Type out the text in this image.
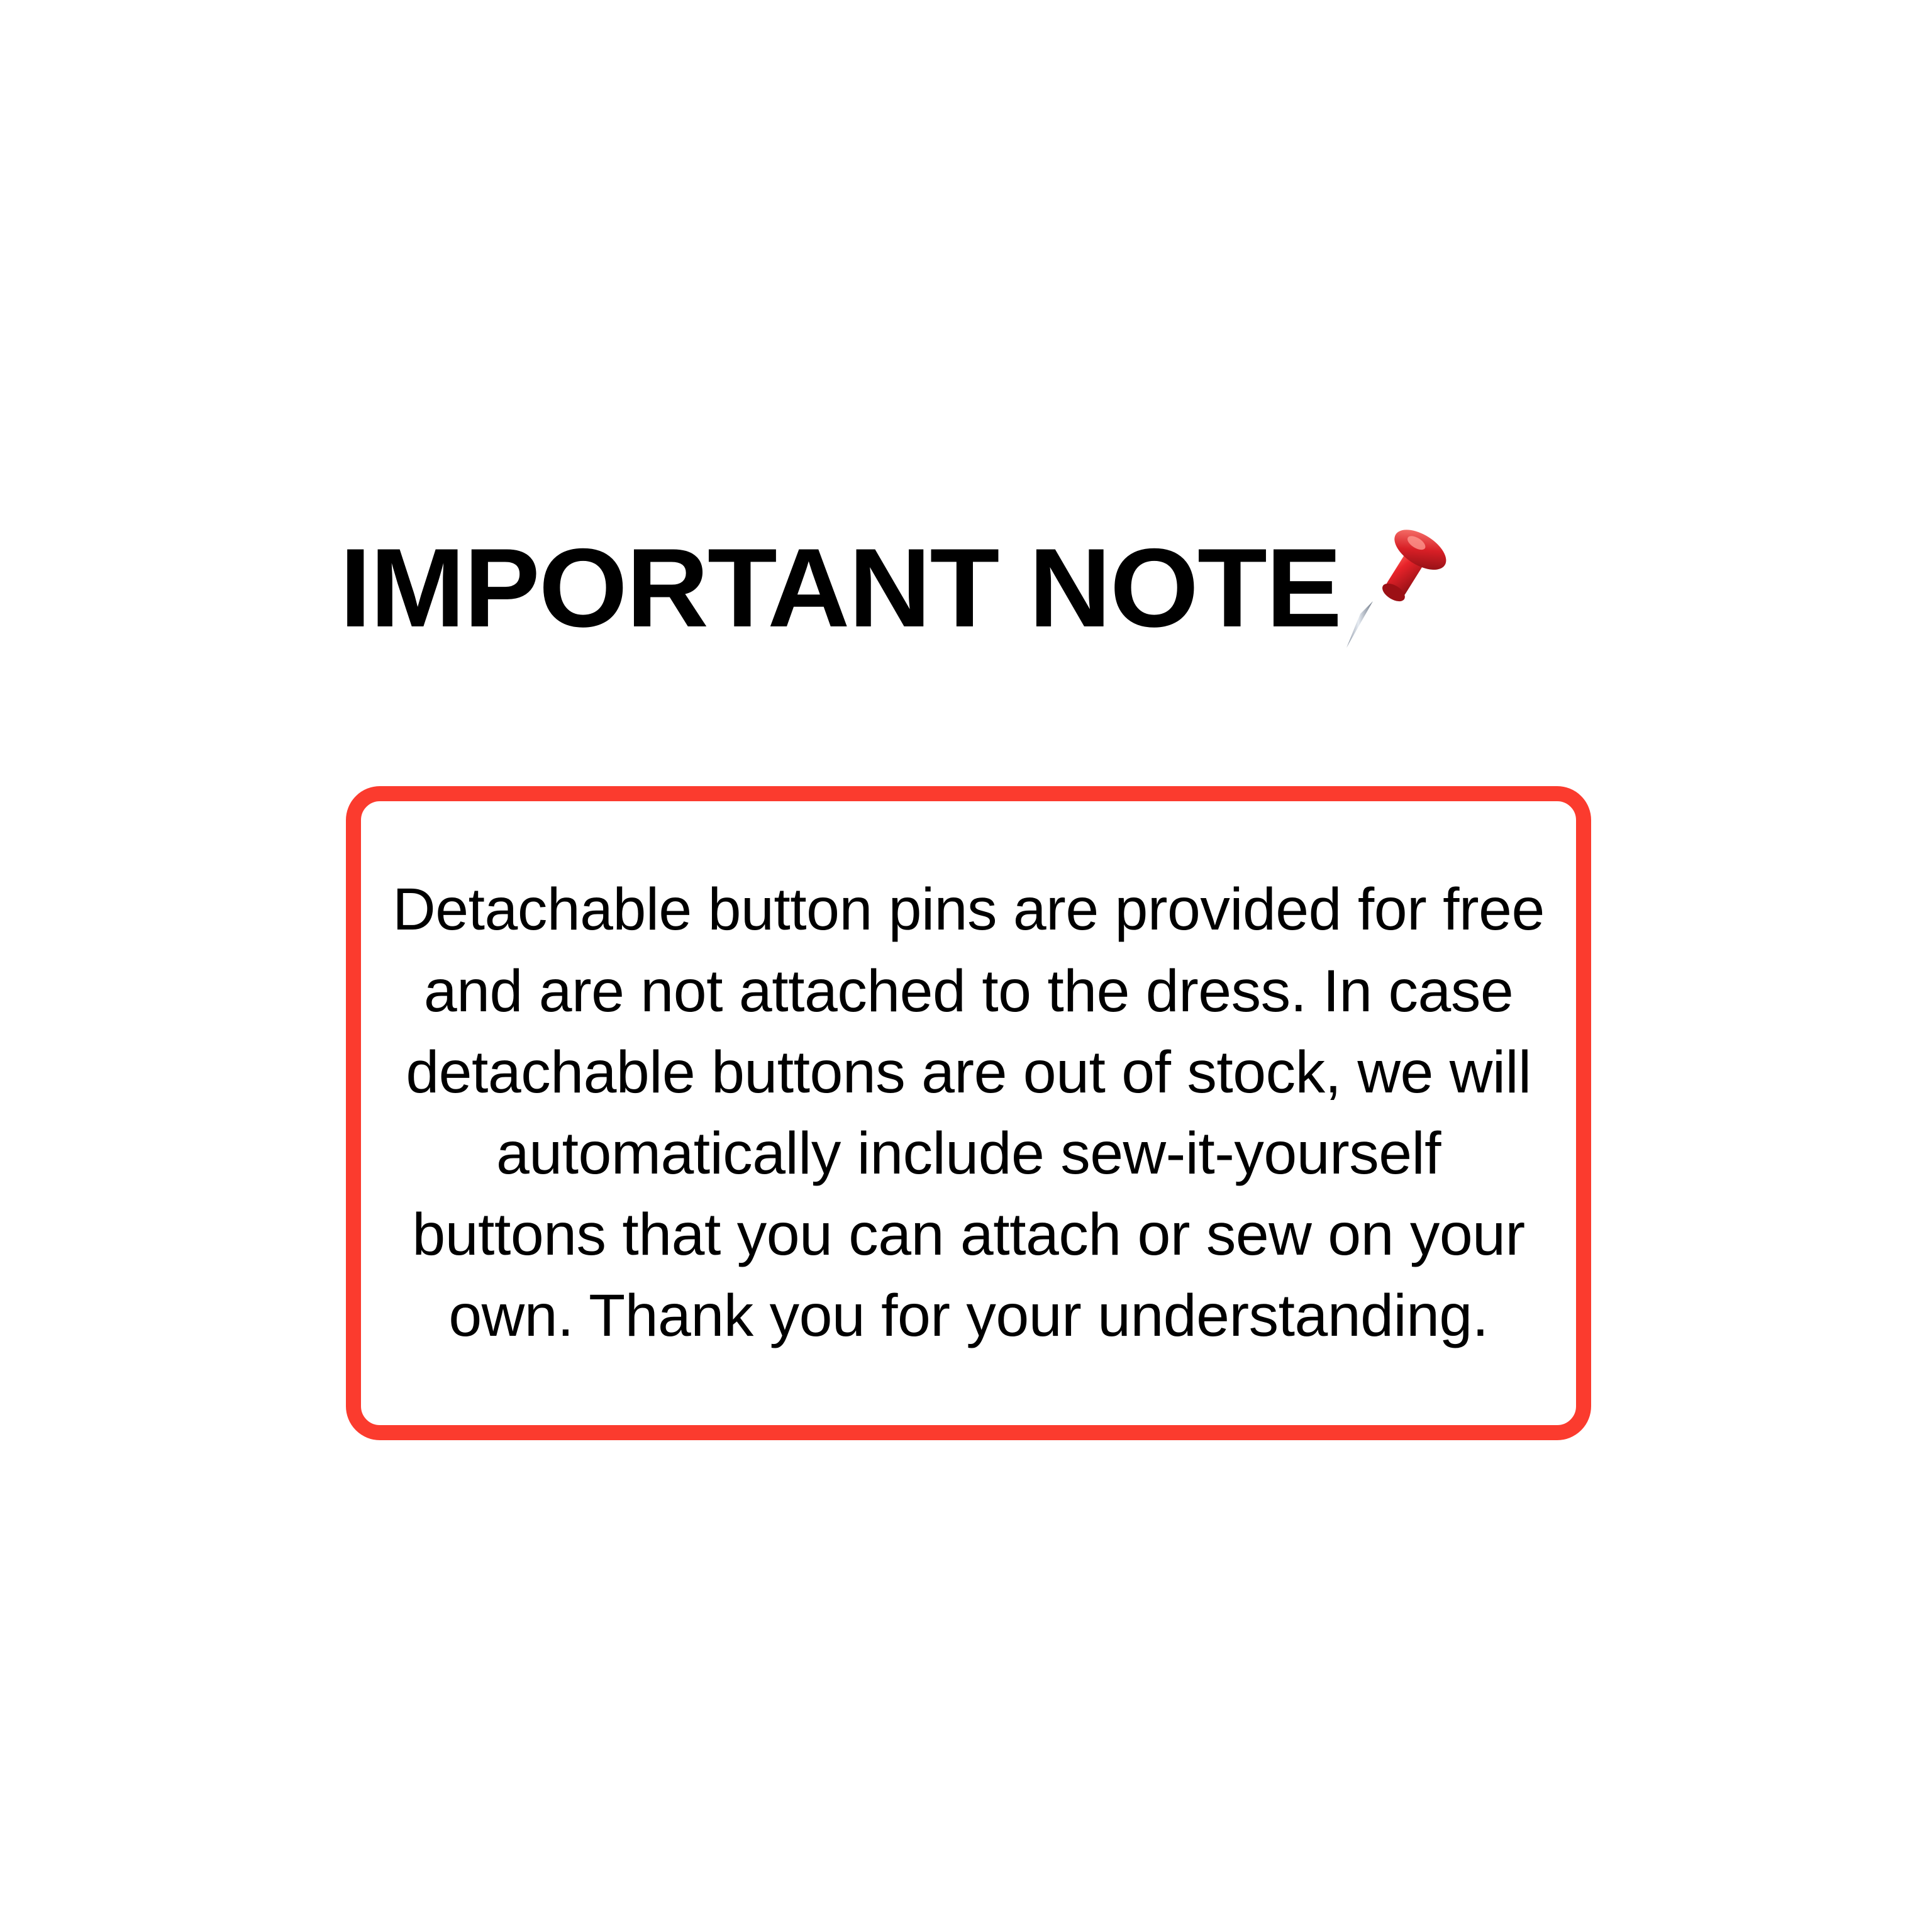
IMPORTANT NOTE
Detachable button pins are provided for free and are not attached to the dress. In case detachable buttons are out of stock, we will automatically include sew-it-yourself buttons that you can attach or sew on your own. Thank you for your understanding.
